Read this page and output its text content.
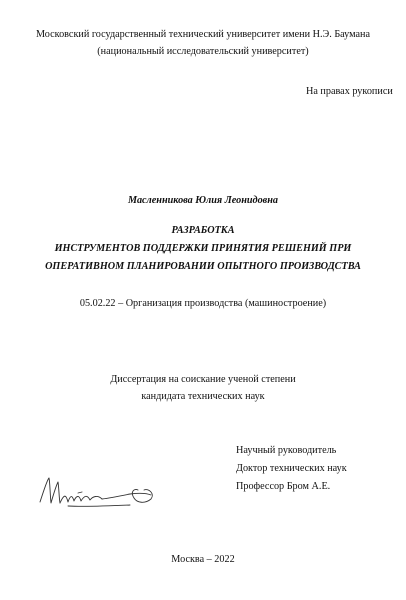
Московский государственный технический университет имени Н.Э. Баумана
(национальный исследовательский университет)
На правах рукописи
Масленникова Юлия Леонидовна
РАЗРАБОТКА
ИНСТРУМЕНТОВ ПОДДЕРЖКИ ПРИНЯТИЯ РЕШЕНИЙ ПРИ
ОПЕРАТИВНОМ ПЛАНИРОВАНИИ ОПЫТНОГО ПРОИЗВОДСТВА
05.02.22 – Организация производства (машиностроение)
Диссертация на соискание ученой степени
кандидата технических наук
Научный руководитель
Доктор технических наук
Профессор Бром А.Е.
Москва – 2022
